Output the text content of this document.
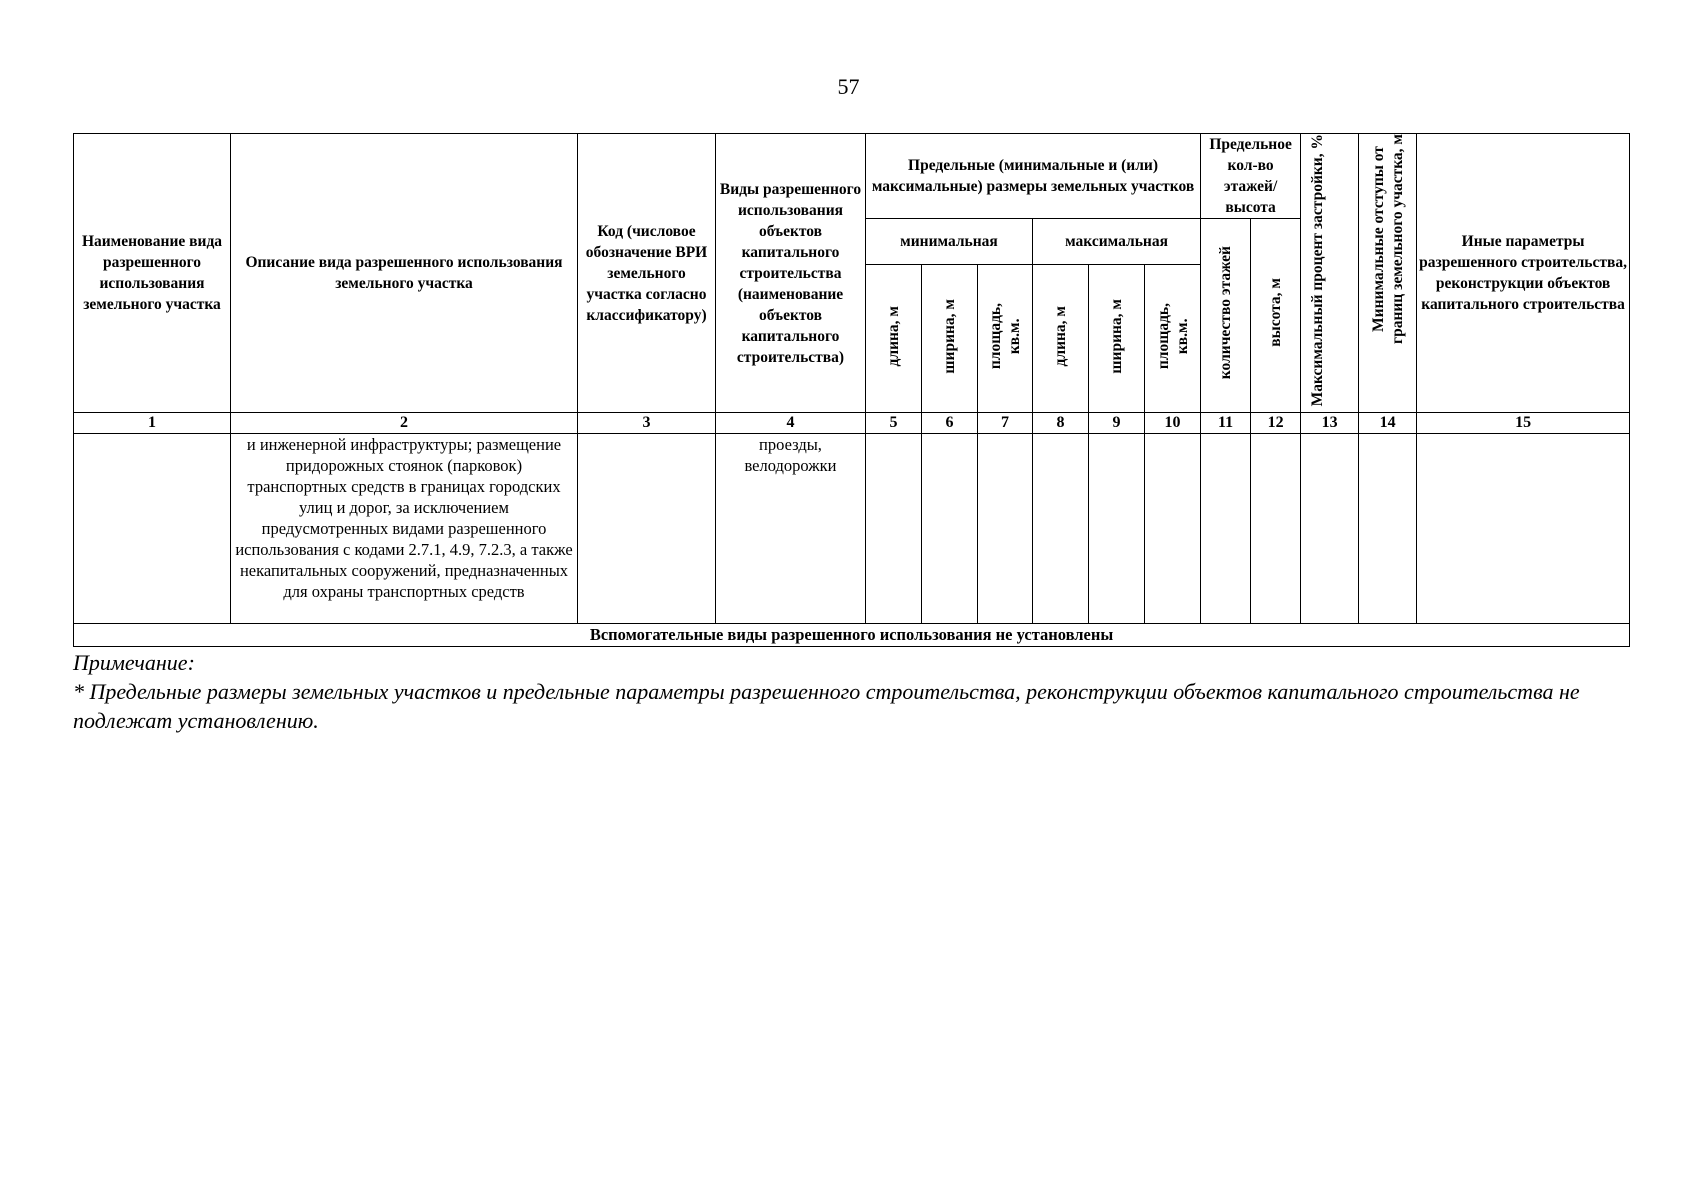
57
Наименование вида разрешенного использования земельного участка	Описание вида разрешенного использования земельного участка	Код (числовое обозначение ВРИ земельного участка согласно классификатору)	Виды разрешенного использования объектов капитального строительства (наименование объектов капитального строительства)	Предельные (минимальные и (или) максимальные) размеры земельных участков						Предельное кол-во этажей/ высота		Максимальный процент застройки, %	Минимальные отступы от границ земельного участка, м	Иные параметры разрешенного строительства, реконструкции объектов капитального строительства
				минимальная			максимальная			количество этажей	высота, м			
				длина, м	ширина, м	площадь, кв.м.	длина, м	ширина, м	площадь, кв.м.					
1	2	3	4	5	6	7	8	9	10	11	12	13	14	15
	и инженерной инфраструктуры; размещение придорожных стоянок (парковок) транспортных средств в границах городских улиц и дорог, за исключением предусмотренных видами разрешенного использования с кодами 2.7.1, 4.9, 7.2.3, а также некапитальных сооружений, предназначенных для охраны транспортных средств		проезды, велодорожки											
Вспомогательные виды разрешенного использования не установлены														
Примечание:
* Предельные размеры земельных участков и предельные параметры разрешенного строительства, реконструкции объектов капитального строительства не подлежат установлению.
